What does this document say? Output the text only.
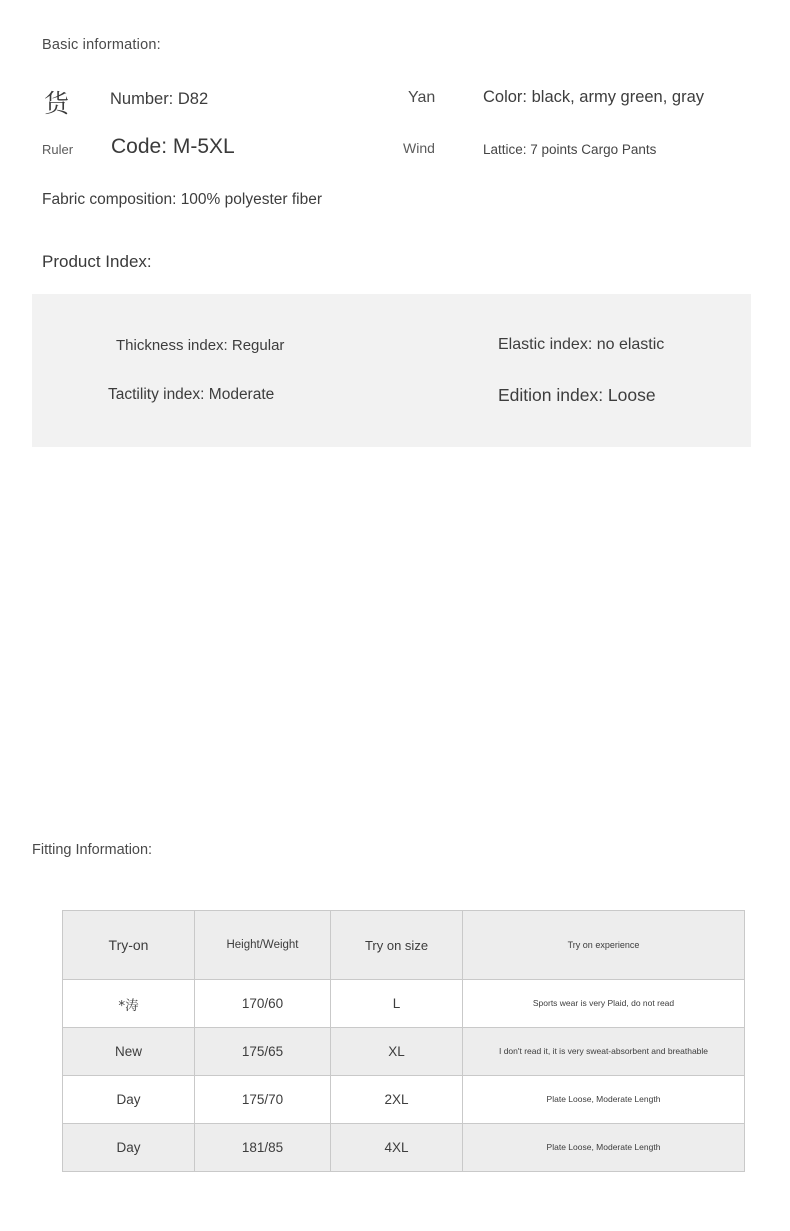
Basic information:
货 Number: D82	Yan	Color: black, army green, gray
Ruler Code: M-5XL	Wind	Lattice: 7 points Cargo Pants
Fabric composition: 100% polyester fiber
Product Index:
Thickness index: Regular	Elastic index: no elastic
Tactility index: Moderate	Edition index: Loose
Fitting Information:
Try-on	Height/Weight	Try on size	Try on experience
*涛	170/60	L	Sports wear is very Plaid, do not read
New	175/65	XL	I don't read it, it is very sweat-absorbent and breathable
Day	175/70	2XL	Plate Loose, Moderate Length
Day	181/85	4XL	Plate Loose, Moderate Length
